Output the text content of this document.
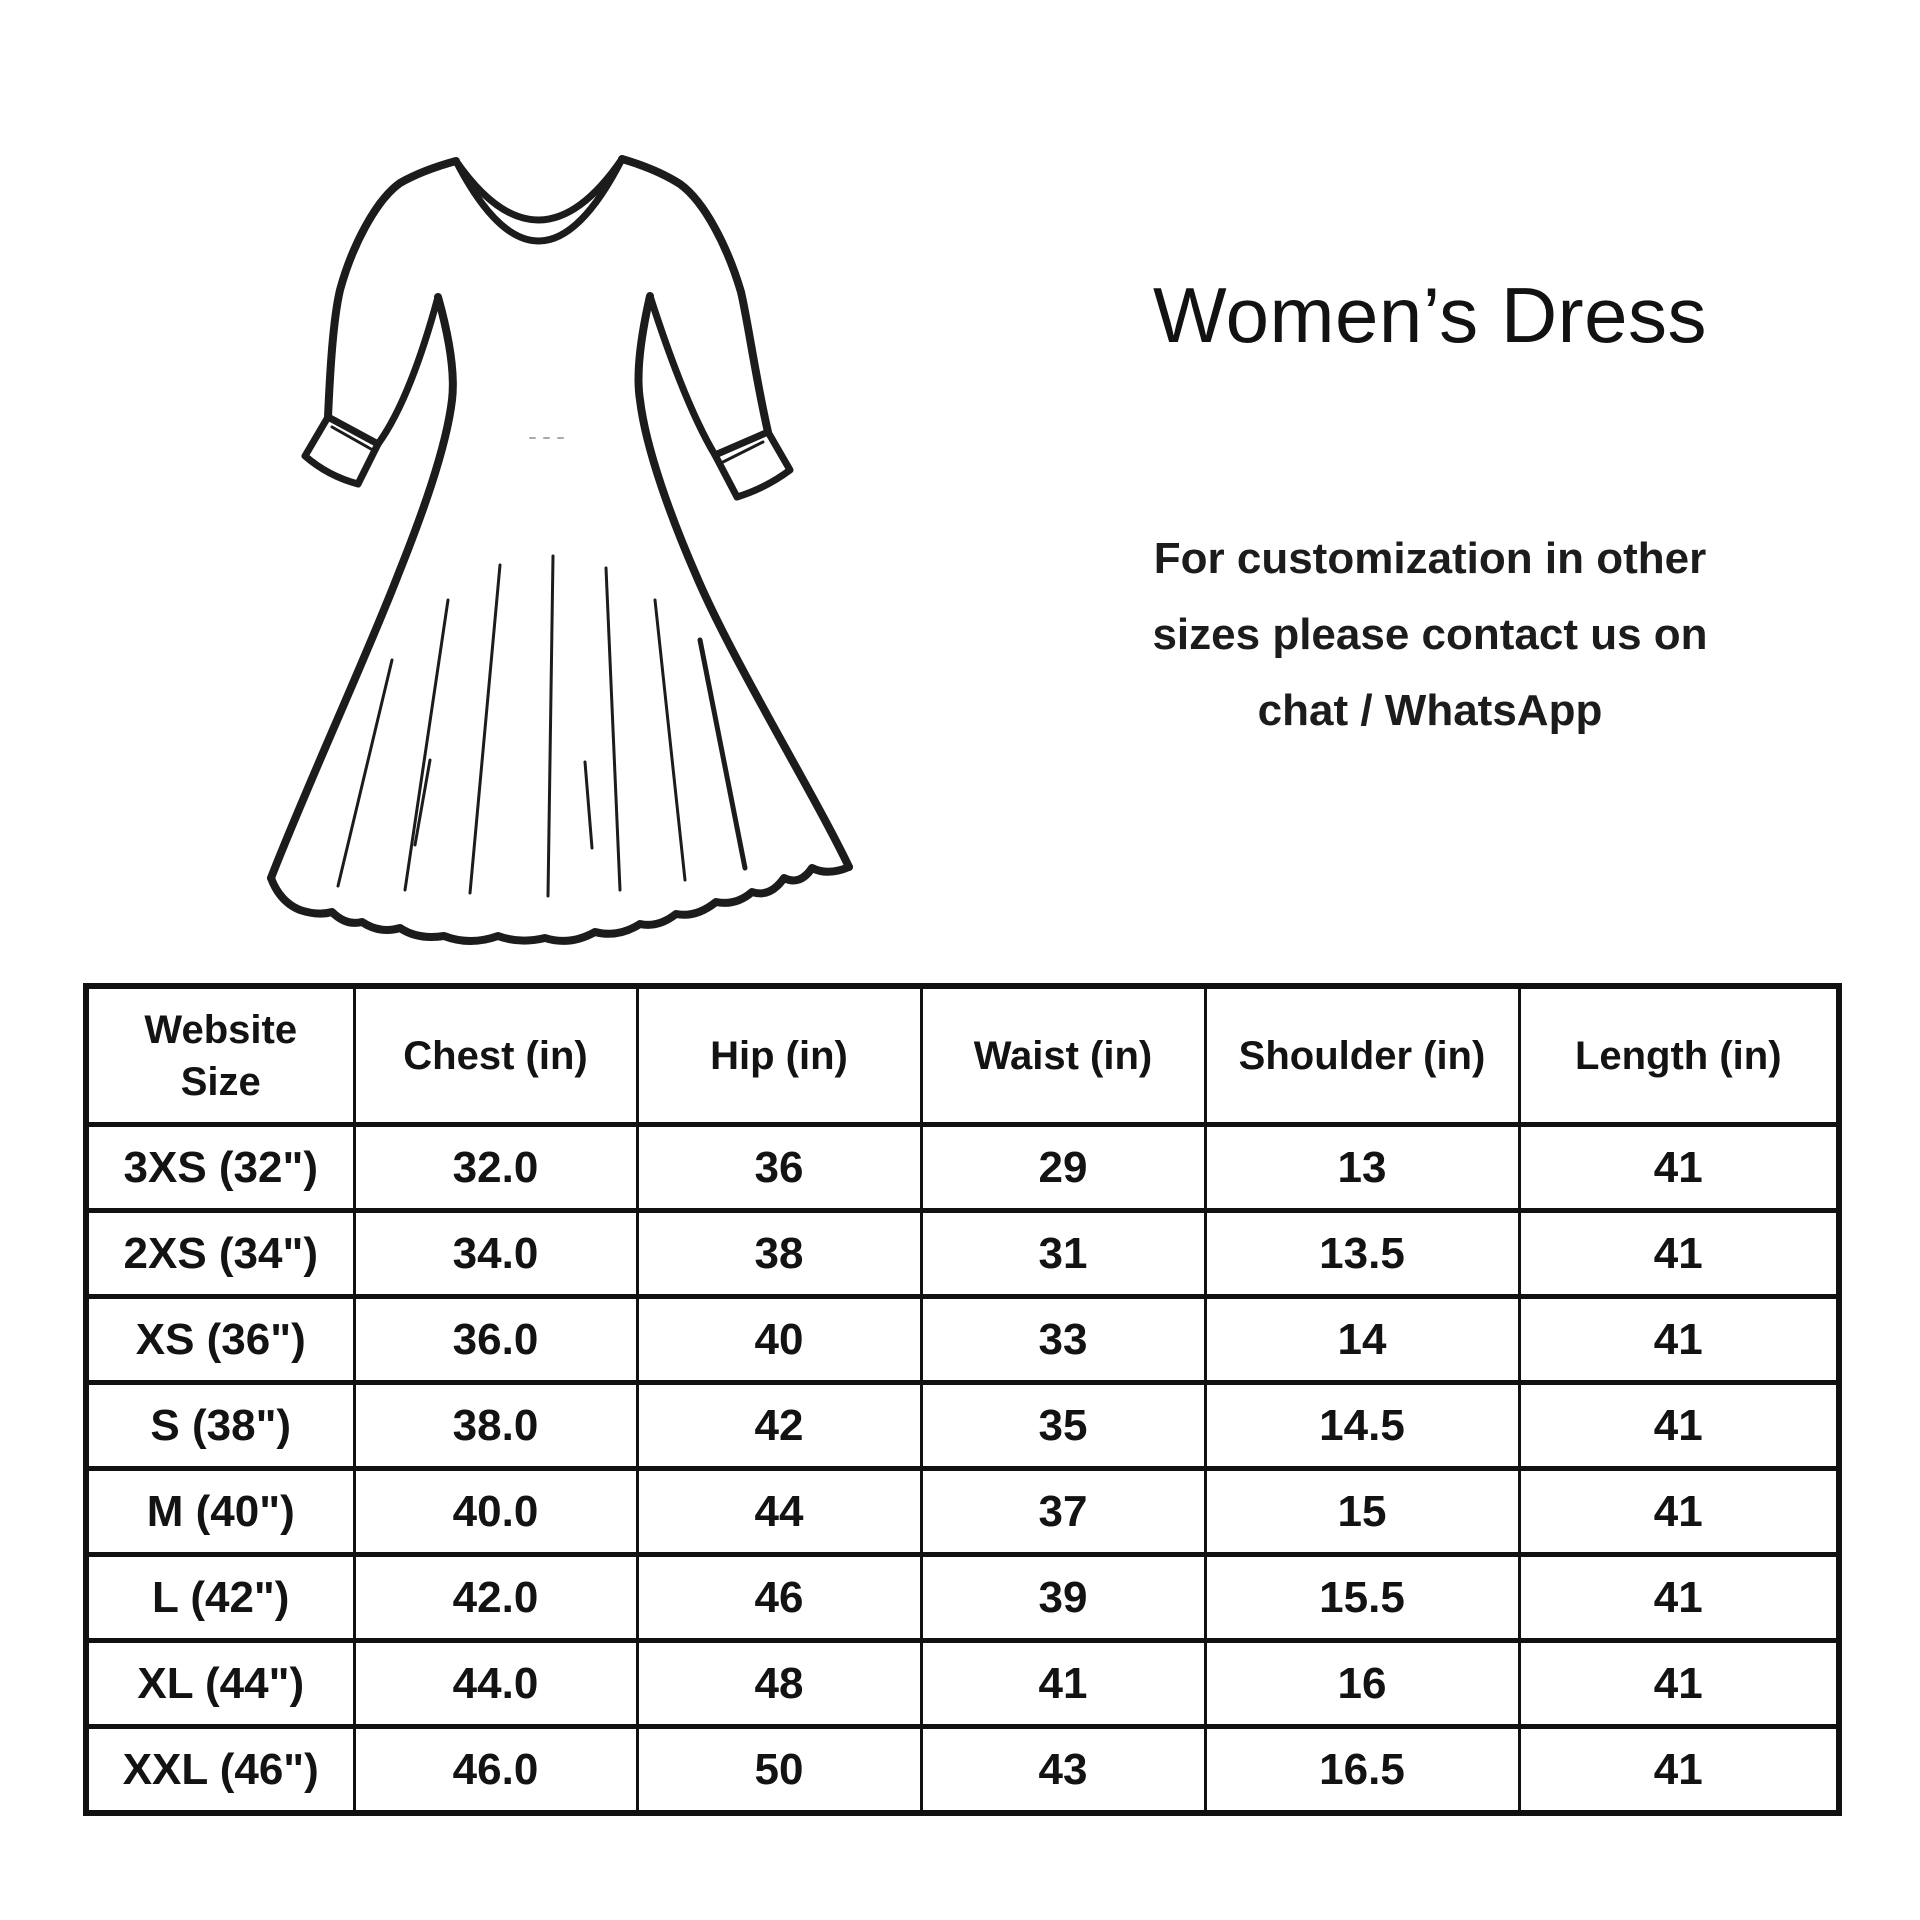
Women’s Dress
For customization in other
sizes please contact us on
chat / WhatsApp
Website Size	Chest (in)	Hip (in)	Waist (in)	Shoulder (in)	Length (in)
3XS (32")	32.0	36	29	13	41
2XS (34")	34.0	38	31	13.5	41
XS (36")	36.0	40	33	14	41
S (38")	38.0	42	35	14.5	41
M (40")	40.0	44	37	15	41
L (42")	42.0	46	39	15.5	41
XL (44")	44.0	48	41	16	41
XXL (46")	46.0	50	43	16.5	41
